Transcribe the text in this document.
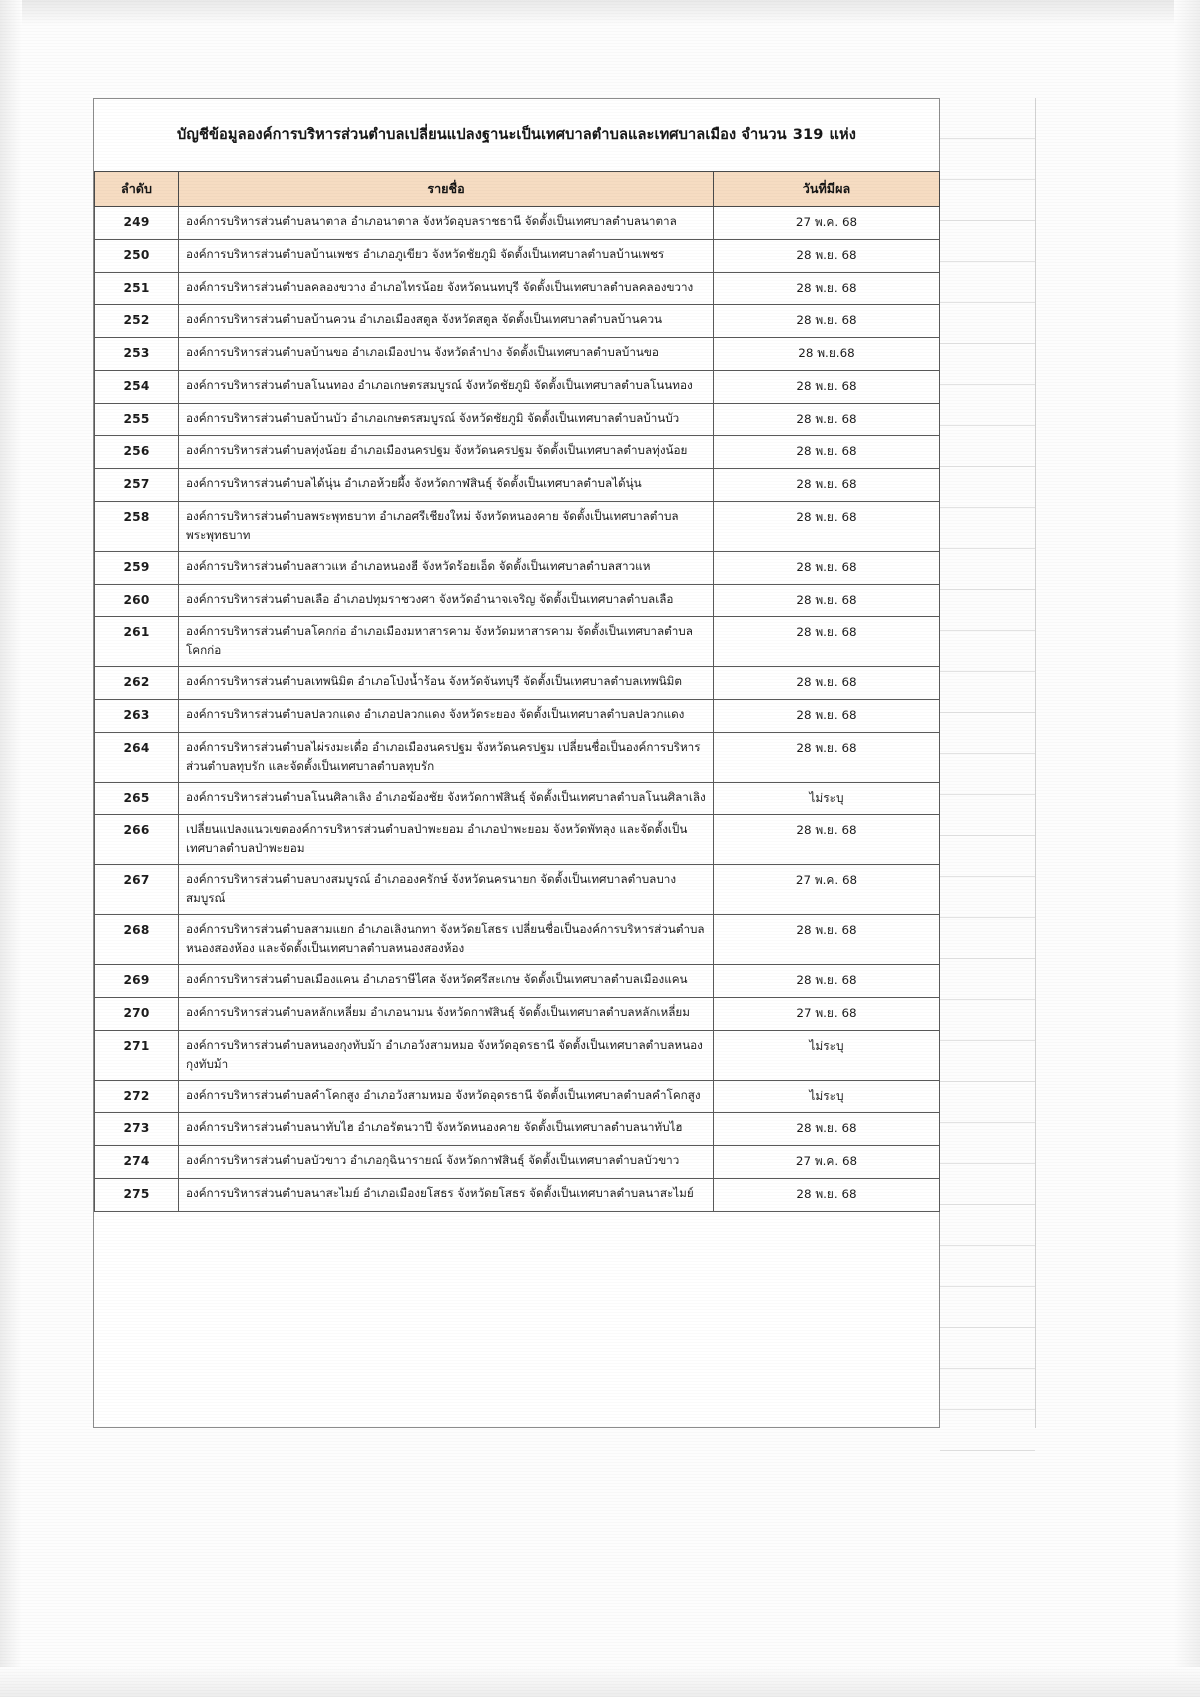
บัญชีข้อมูลองค์การบริหารส่วนตำบลเปลี่ยนแปลงฐานะเป็นเทศบาลตำบลและเทศบาลเมือง จำนวน 319 แห่ง
ลำดับ	รายชื่อ	วันที่มีผล
249	องค์การบริหารส่วนตำบลนาตาล อำเภอนาตาล จังหวัดอุบลราชธานี จัดตั้งเป็นเทศบาลตำบลนาตาล	27 พ.ค. 68
250	องค์การบริหารส่วนตำบลบ้านเพชร อำเภอภูเขียว จังหวัดชัยภูมิ จัดตั้งเป็นเทศบาลตำบลบ้านเพชร	28 พ.ย. 68
251	องค์การบริหารส่วนตำบลคลองขวาง อำเภอไทรน้อย จังหวัดนนทบุรี จัดตั้งเป็นเทศบาลตำบลคลองขวาง	28 พ.ย. 68
252	องค์การบริหารส่วนตำบลบ้านควน อำเภอเมืองสตูล จังหวัดสตูล จัดตั้งเป็นเทศบาลตำบลบ้านควน	28 พ.ย. 68
253	องค์การบริหารส่วนตำบลบ้านขอ อำเภอเมืองปาน จังหวัดลำปาง จัดตั้งเป็นเทศบาลตำบลบ้านขอ	28 พ.ย.68
254	องค์การบริหารส่วนตำบลโนนทอง อำเภอเกษตรสมบูรณ์ จังหวัดชัยภูมิ จัดตั้งเป็นเทศบาลตำบลโนนทอง	28 พ.ย. 68
255	องค์การบริหารส่วนตำบลบ้านบัว อำเภอเกษตรสมบูรณ์ จังหวัดชัยภูมิ จัดตั้งเป็นเทศบาลตำบลบ้านบัว	28 พ.ย. 68
256	องค์การบริหารส่วนตำบลทุ่งน้อย อำเภอเมืองนครปฐม จังหวัดนครปฐม จัดตั้งเป็นเทศบาลตำบลทุ่งน้อย	28 พ.ย. 68
257	องค์การบริหารส่วนตำบลได้นุ่น อำเภอห้วยผึ้ง จังหวัดกาฬสินธุ์ จัดตั้งเป็นเทศบาลตำบลได้นุ่น	28 พ.ย. 68
258	องค์การบริหารส่วนตำบลพระพุทธบาท อำเภอศรีเชียงใหม่ จังหวัดหนองคาย จัดตั้งเป็นเทศบาลตำบลพระพุทธบาท	28 พ.ย. 68
259	องค์การบริหารส่วนตำบลสาวแห อำเภอหนองฮี จังหวัดร้อยเอ็ด จัดตั้งเป็นเทศบาลตำบลสาวแห	28 พ.ย. 68
260	องค์การบริหารส่วนตำบลเลือ อำเภอปทุมราชวงศา จังหวัดอำนาจเจริญ จัดตั้งเป็นเทศบาลตำบลเลือ	28 พ.ย. 68
261	องค์การบริหารส่วนตำบลโคกก่อ อำเภอเมืองมหาสารคาม จังหวัดมหาสารคาม จัดตั้งเป็นเทศบาลตำบลโคกก่อ	28 พ.ย. 68
262	องค์การบริหารส่วนตำบลเทพนิมิต อำเภอโป่งน้ำร้อน จังหวัดจันทบุรี จัดตั้งเป็นเทศบาลตำบลเทพนิมิต	28 พ.ย. 68
263	องค์การบริหารส่วนตำบลปลวกแดง อำเภอปลวกแดง จังหวัดระยอง จัดตั้งเป็นเทศบาลตำบลปลวกแดง	28 พ.ย. 68
264	องค์การบริหารส่วนตำบลไผ่รงมะเดื่อ อำเภอเมืองนครปฐม จังหวัดนครปฐม เปลี่ยนชื่อเป็นองค์การบริหารส่วนตำบลทุบรัก และจัดตั้งเป็นเทศบาลตำบลทุบรัก	28 พ.ย. 68
265	องค์การบริหารส่วนตำบลโนนศิลาเลิง อำเภอฆ้องชัย จังหวัดกาฬสินธุ์ จัดตั้งเป็นเทศบาลตำบลโนนศิลาเลิง	ไม่ระบุ
266	เปลี่ยนแปลงแนวเขตองค์การบริหารส่วนตำบลป่าพะยอม อำเภอป่าพะยอม จังหวัดพัทลุง และจัดตั้งเป็นเทศบาลตำบลป่าพะยอม	28 พ.ย. 68
267	องค์การบริหารส่วนตำบลบางสมบูรณ์ อำเภอองครักษ์ จังหวัดนครนายก จัดตั้งเป็นเทศบาลตำบลบางสมบูรณ์	27 พ.ค. 68
268	องค์การบริหารส่วนตำบลสามแยก อำเภอเลิงนกทา จังหวัดยโสธร เปลี่ยนชื่อเป็นองค์การบริหารส่วนตำบลหนองสองห้อง และจัดตั้งเป็นเทศบาลตำบลหนองสองห้อง	28 พ.ย. 68
269	องค์การบริหารส่วนตำบลเมืองแคน อำเภอราษีไศล จังหวัดศรีสะเกษ จัดตั้งเป็นเทศบาลตำบลเมืองแคน	28 พ.ย. 68
270	องค์การบริหารส่วนตำบลหลักเหลี่ยม อำเภอนามน จังหวัดกาฬสินธุ์ จัดตั้งเป็นเทศบาลตำบลหลักเหลี่ยม	27 พ.ย. 68
271	องค์การบริหารส่วนตำบลหนองกุงทับม้า อำเภอวังสามหมอ จังหวัดอุดรธานี จัดตั้งเป็นเทศบาลตำบลหนองกุงทับม้า	ไม่ระบุ
272	องค์การบริหารส่วนตำบลคำโคกสูง อำเภอวังสามหมอ จังหวัดอุดรธานี จัดตั้งเป็นเทศบาลตำบลคำโคกสูง	ไม่ระบุ
273	องค์การบริหารส่วนตำบลนาทับไฮ อำเภอรัตนวาปี จังหวัดหนองคาย จัดตั้งเป็นเทศบาลตำบลนาทับไฮ	28 พ.ย. 68
274	องค์การบริหารส่วนตำบลบัวขาว อำเภอกุฉินารายณ์ จังหวัดกาฬสินธุ์ จัดตั้งเป็นเทศบาลตำบลบัวขาว	27 พ.ค. 68
275	องค์การบริหารส่วนตำบลนาสะไมย์ อำเภอเมืองยโสธร จังหวัดยโสธร จัดตั้งเป็นเทศบาลตำบลนาสะไมย์	28 พ.ย. 68
